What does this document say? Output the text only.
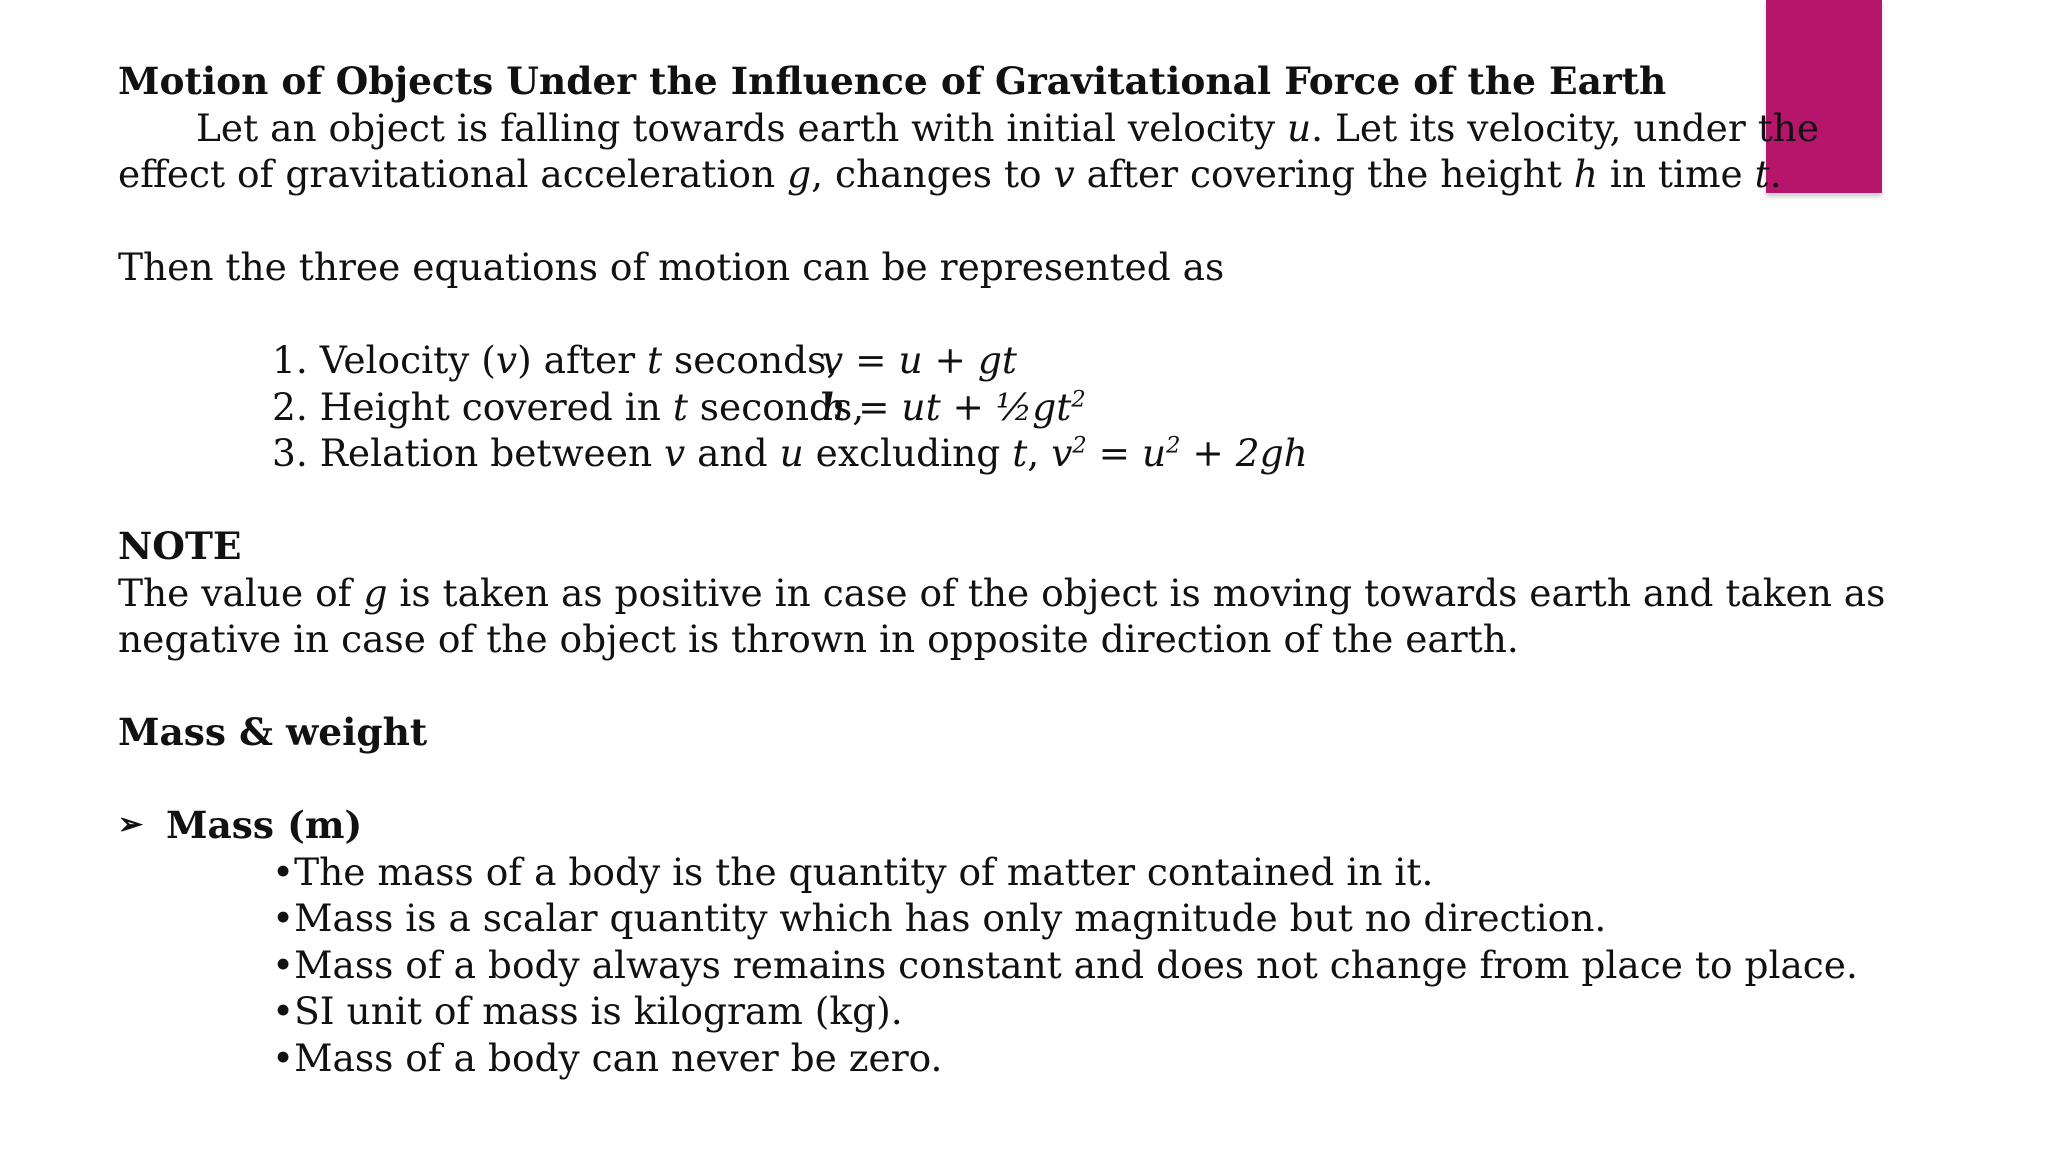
Motion of Objects Under the Influence of Gravitational Force of the Earth
Let an object is falling towards earth with initial velocity u. Let its velocity, under the
effect of gravitational acceleration g, changes to v after covering the height h in time t.
Then the three equations of motion can be represented as
1. Velocity (v) after t seconds,v = u + gt
2. Height covered in t seconds,h = ut + $\frac{1}{2}gt^2$
3. Relation between v and u excluding t, $v^2 = u^2 + 2gh$
NOTE
The value of g is taken as positive in case of the object is moving towards earth and taken as
negative in case of the object is thrown in opposite direction of the earth.
Mass & weight
➢ Mass (m)
•The mass of a body is the quantity of matter contained in it.
•Mass is a scalar quantity which has only magnitude but no direction.
•Mass of a body always remains constant and does not change from place to place.
•SI unit of mass is kilogram (kg).
•Mass of a body can never be zero.
